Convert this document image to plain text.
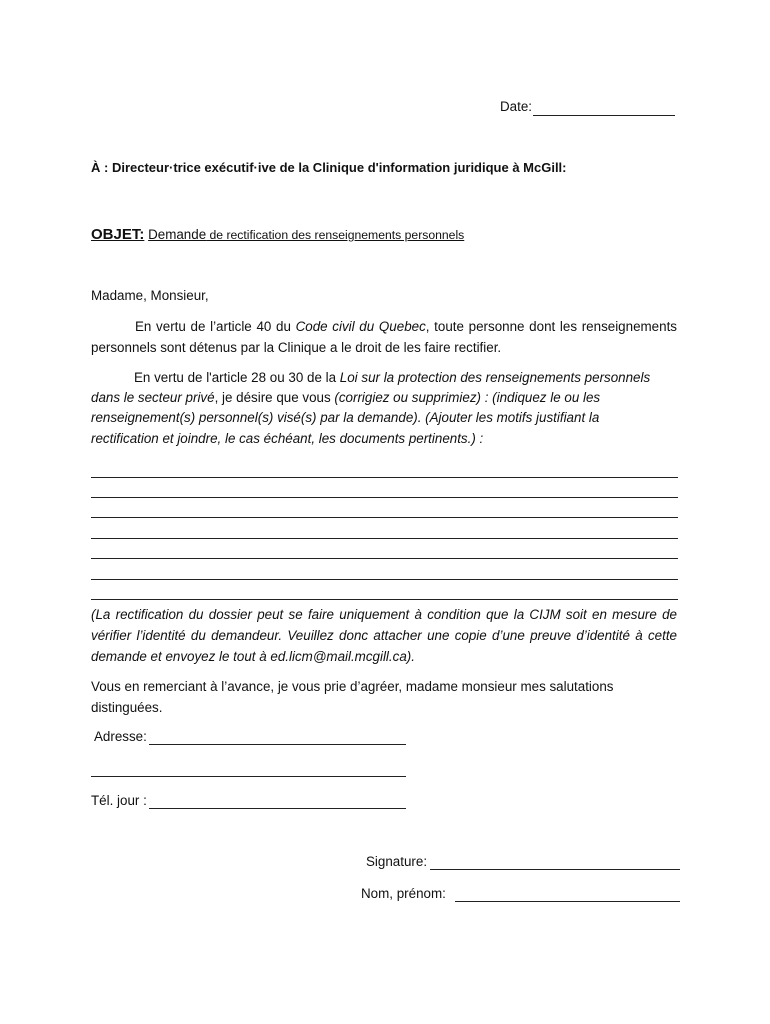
Date:
À : Directeur·trice exécutif·ive de la Clinique d'information juridique à McGill:
OBJET: Demande de rectification des renseignements personnels
Madame, Monsieur,

En vertu de l’article 40 du Code civil du Quebec, toute personne dont les renseignements personnels sont détenus par la Clinique a le droit de les faire rectifier.

En vertu de l'article 28 ou 30 de la Loi sur la protection des renseignements personnels
dans le secteur privé, je désire que vous (corrigiez ou supprimiez) : (indiquez le ou les
renseignement(s) personnel(s) visé(s) par la demande). (Ajouter les motifs justifiant la
rectification et joindre, le cas échéant, les documents pertinents.) :

(La rectification du dossier peut se faire uniquement à condition que la CIJM soit en mesure de vérifier l’identité du demandeur. Veuillez donc attacher une copie d’une preuve d’identité à cette demande et envoyez le tout à ed.licm@mail.mcgill.ca).

Vous en remerciant à l’avance, je vous prie d’agréer, madame monsieur mes salutations distinguées.

Adresse:
Tél. jour :
Signature:
Nom, prénom:
